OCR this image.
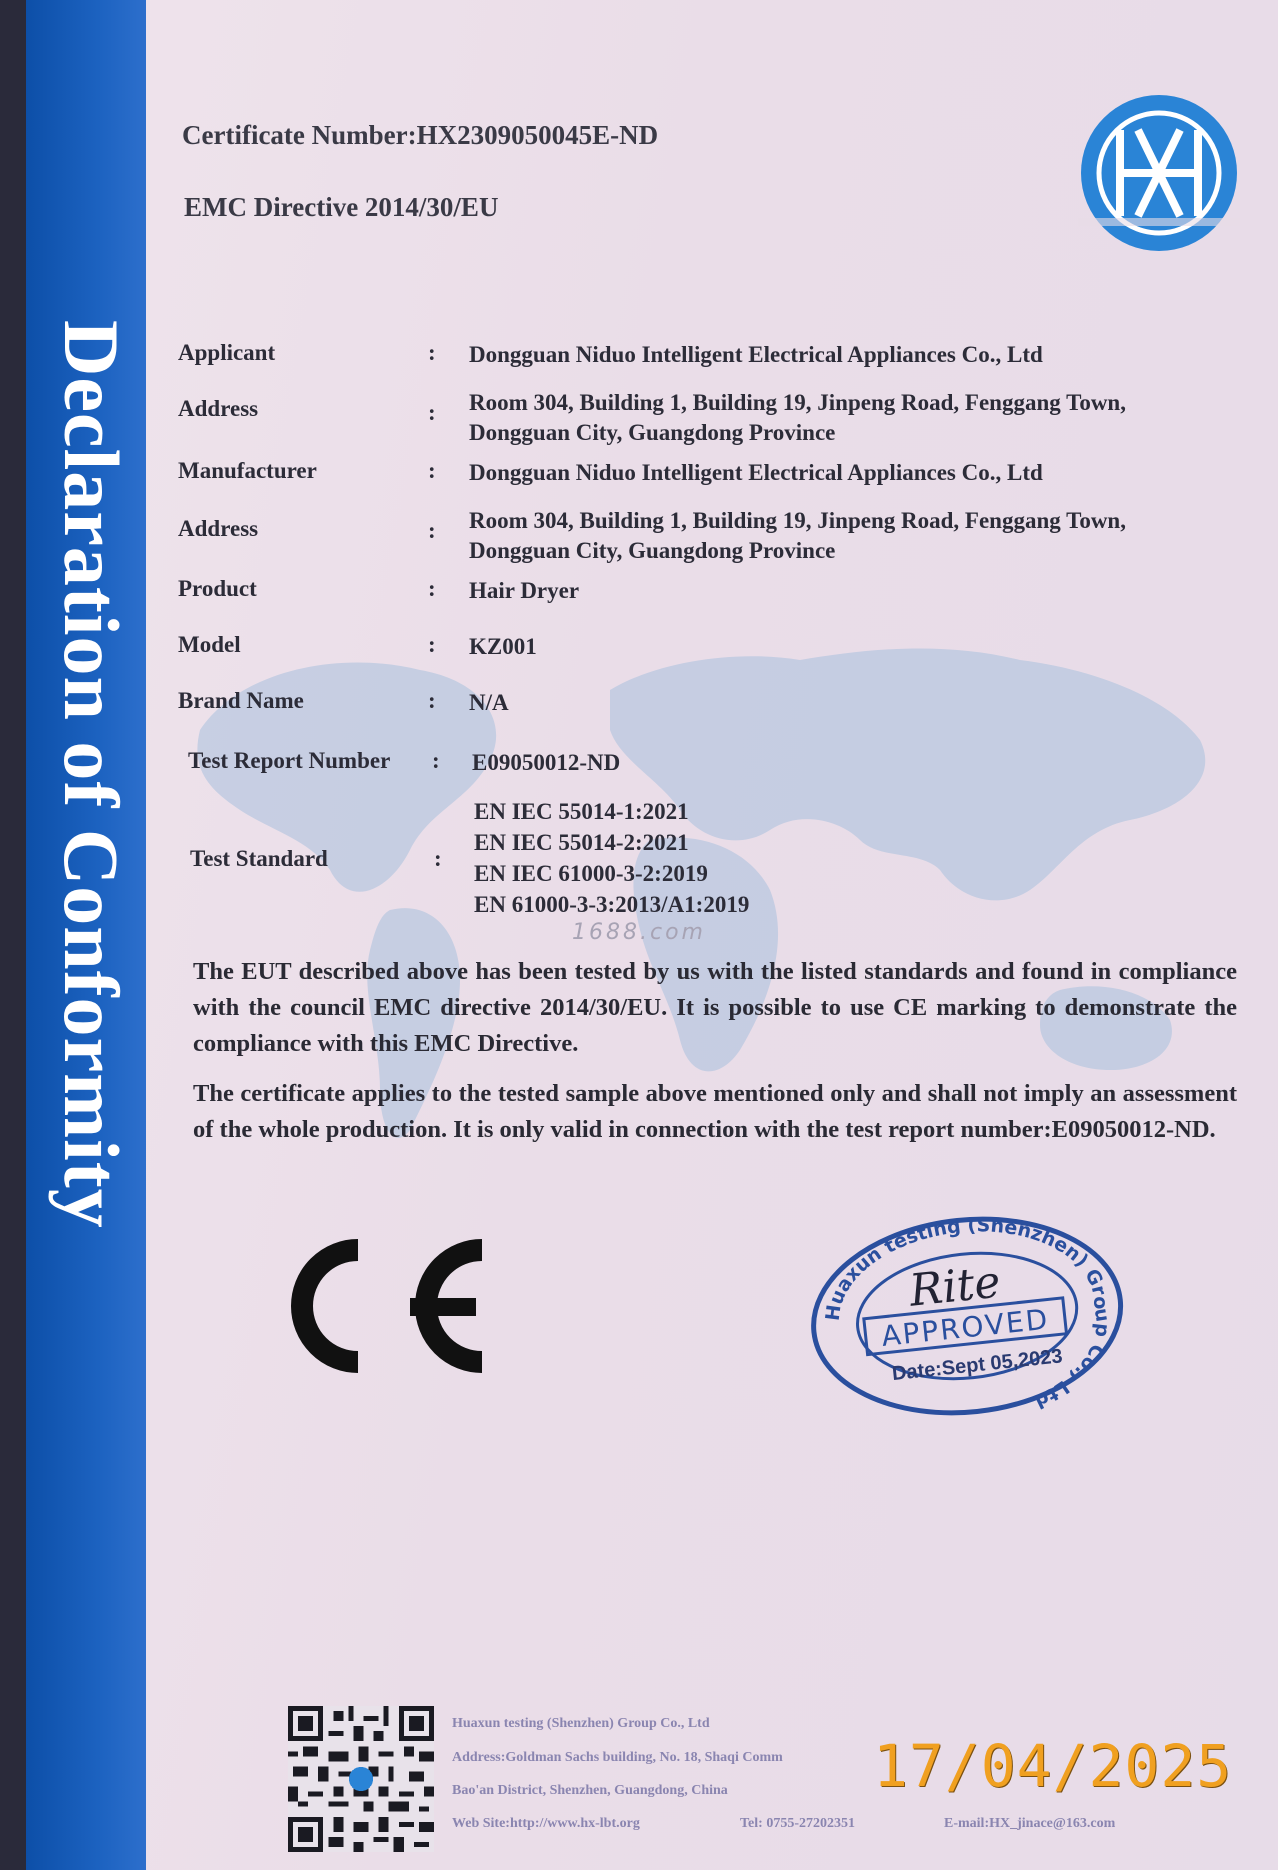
Declaration of Conformity
Certificate Number:HX2309050045E-ND
EMC Directive 2014/30/EU
Applicant	: Dongguan Niduo Intelligent Electrical Appliances Co., Ltd
Address	: Room 304, Building 1, Building 19, Jinpeng Road, Fenggang Town,
Dongguan City, Guangdong Province
Manufacturer	: Dongguan Niduo Intelligent Electrical Appliances Co., Ltd
Address	: Room 304, Building 1, Building 19, Jinpeng Road, Fenggang Town,
Dongguan City, Guangdong Province
Product	: Hair Dryer
Model	: KZ001
Brand Name	: N/A
Test Report Number : E09050012-ND
Test Standard	:
EN IEC 55014-1:2021
EN IEC 55014-2:2021
EN IEC 61000-3-2:2019
EN 61000-3-3:2013/A1:2019
1688.com
The EUT described above has been tested by us with the listed standards and found in compliance with the council EMC directive 2014/30/EU. It is possible to use CE marking to demonstrate the compliance with this EMC Directive.
The certificate applies to the tested sample above mentioned only and shall not imply an assessment of the whole production. It is only valid in connection with the test report number:E09050012-ND.
Huaxun testing (Shenzhen) Group Co., Ltd
Rite
APPROVED
Date:Sept 05,2023
Huaxun testing (Shenzhen) Group Co., Ltd
Address:Goldman Sachs building, No. 18, Shaqi Comm
Bao'an District, Shenzhen, Guangdong, China
Web Site:http://www.hx-lbt.org	Tel: 0755-27202351	E-mail:HX_jinace@163.com
17/04/2025
